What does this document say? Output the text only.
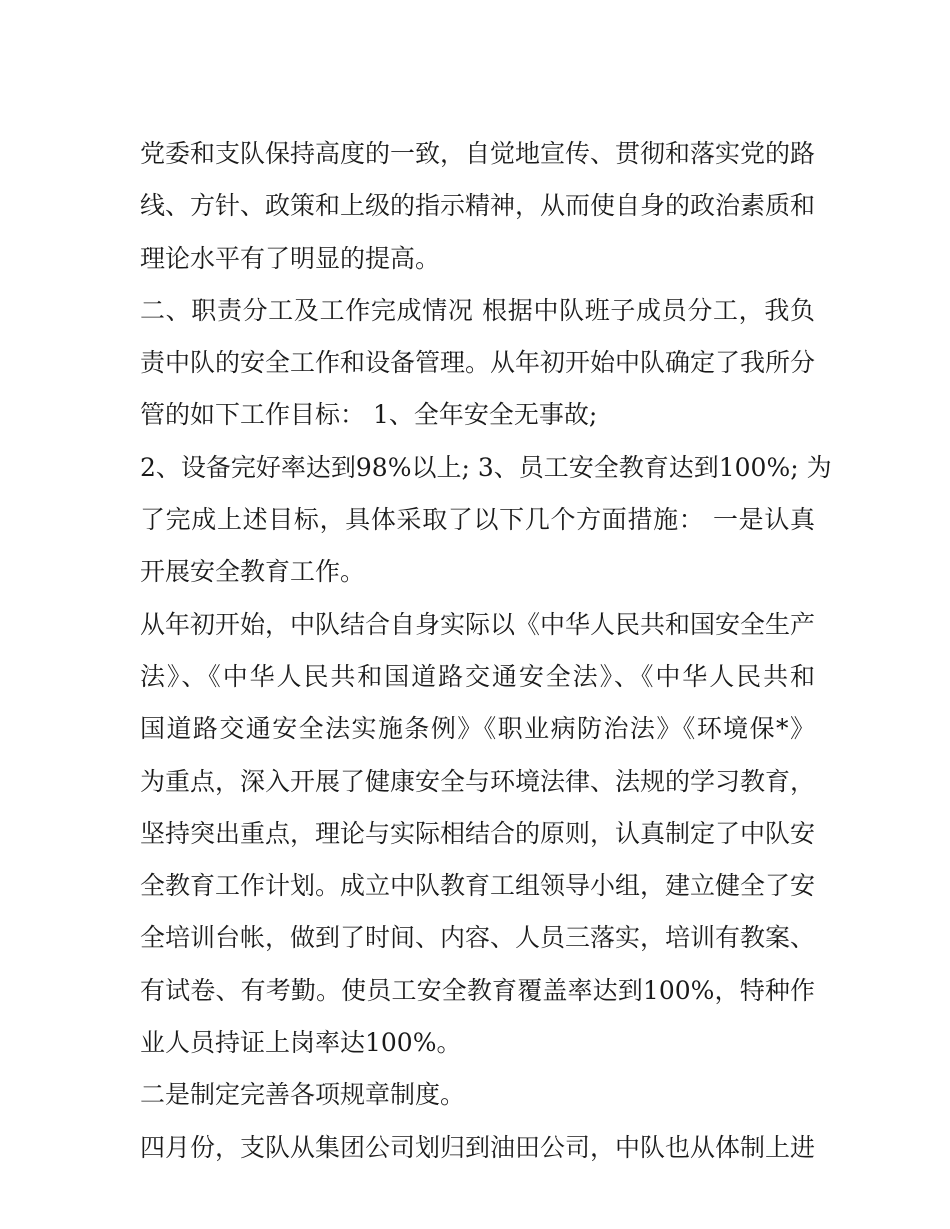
党委和支队保持高度的一致，自觉地宣传、贯彻和落实党的路
线、方针、政策和上级的指示精神，从而使自身的政治素质和
理论水平有了明显的提高。
二、职责分工及工作完成情况 根据中队班子成员分工，我负
责中队的安全工作和设备管理。从年初开始中队确定了我所分
管的如下工作目标： 1、全年安全无事故;
2、设备完好率达到98%以上; 3、员工安全教育达到100%; 为
了完成上述目标，具体采取了以下几个方面措施： 一是认真
开展安全教育工作。
从年初开始，中队结合自身实际以《中华人民共和国安全生产
法》、《中华人民共和国道路交通安全法》、《中华人民共和
国道路交通安全法实施条例》《职业病防治法》《环境保*》
为重点，深入开展了健康安全与环境法律、法规的学习教育，
坚持突出重点，理论与实际相结合的原则，认真制定了中队安
全教育工作计划。成立中队教育工组领导小组，建立健全了安
全培训台帐，做到了时间、内容、人员三落实，培训有教案、
有试卷、有考勤。使员工安全教育覆盖率达到100%，特种作
业人员持证上岗率达100%。
二是制定完善各项规章制度。
四月份，支队从集团公司划归到油田公司，中队也从体制上进
